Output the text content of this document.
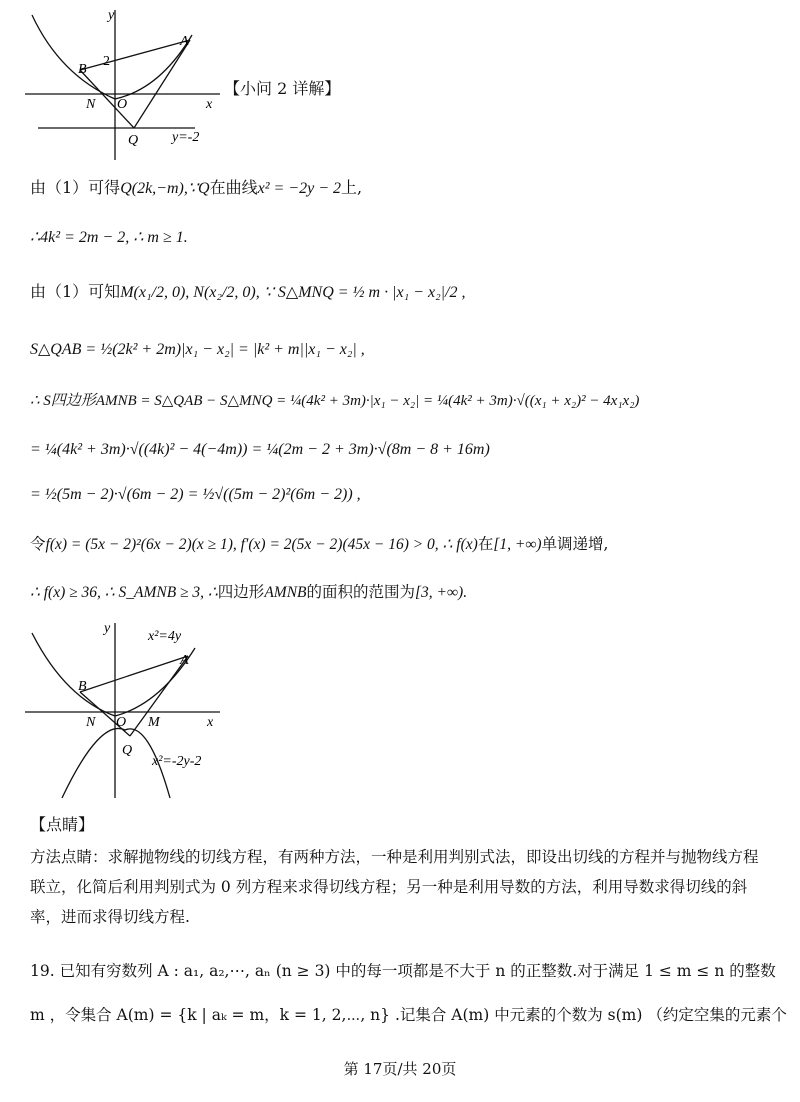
y
x
2
A
B
N O
Q y=-2
【小问 2 详解】
由（1）可得Q(2k,−m),∵Q在曲线x² = −2y − 2上,
∴4k² = 2m − 2, ∴ m ≥ 1.
由（1）可知M(x₁/2, 0), N(x₂/2, 0), ∵ S△MNQ = ½ m · |x₁ − x₂|/2 ,
S△QAB = ½(2k² + 2m)|x₁ − x₂| = |k² + m||x₁ − x₂| ,
∴ S四边形AMNB = S△QAB − S△MNQ = ¼(4k² + 3m)·|x₁ − x₂| = ¼(4k² + 3m)·√((x₁ + x₂)² − 4x₁x₂)
= ¼(4k² + 3m)·√((4k)² − 4(−4m)) = ¼(2m − 2 + 3m)·√(8m − 8 + 16m)
= ½(5m − 2)·√(6m − 2) = ½√((5m − 2)²(6m − 2)) ,
令f(x) = (5x − 2)²(6x − 2)(x ≥ 1), f′(x) = 2(5x − 2)(45x − 16) > 0, ∴ f(x)在[1, +∞)单调递增,
∴ f(x) ≥ 36, ∴ S_AMNB ≥ 3, ∴四边形AMNB的面积的范围为[3, +∞).
y
x
x²=4y
x²=-2y-2
A
B
N O M
Q
【点睛】
方法点睛：求解抛物线的切线方程，有两种方法，一种是利用判别式法，即设出切线的方程并与抛物线方程联立，化简后利用判别式为 0 列方程来求得切线方程；另一种是利用导数的方法，利用导数求得切线的斜率，进而求得切线方程.
19. 已知有穷数列 A : a₁, a₂,⋯, aₙ (n ≥ 3) 中的每一项都是不大于 n 的正整数.对于满足 1 ≤ m ≤ n 的整数
m ，令集合 A(m) = {k | aₖ = m，k = 1, 2,⋯, n} .记集合 A(m) 中元素的个数为 s(m) （约定空集的元素个
第 17页/共 20页
